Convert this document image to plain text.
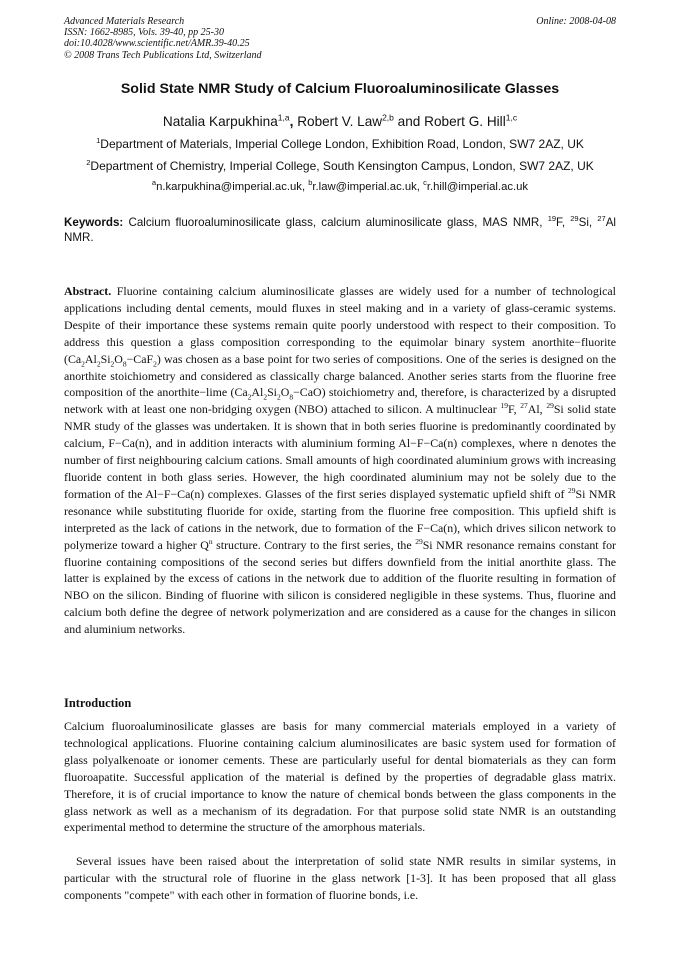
Advanced Materials Research
ISSN: 1662-8985, Vols. 39-40, pp 25-30
doi:10.4028/www.scientific.net/AMR.39-40.25
© 2008 Trans Tech Publications Ltd, Switzerland
Online: 2008-04-08
Solid State NMR Study of Calcium Fluoroaluminosilicate Glasses
Natalia Karpukhina$^{1,a}$, Robert V. Law$^{2,b}$ and Robert G. Hill$^{1,c}$
$^1$Department of Materials, Imperial College London, Exhibition Road, London, SW7 2AZ, UK
$^2$Department of Chemistry, Imperial College, South Kensington Campus, London, SW7 2AZ, UK
$^a$n.karpukhina@imperial.ac.uk, $^b$r.law@imperial.ac.uk, $^c$r.hill@imperial.ac.uk
Keywords: Calcium fluoroaluminosilicate glass, calcium aluminosilicate glass, MAS NMR, $^{19}$F, $^{29}$Si, $^{27}$Al NMR.

Abstract. Fluorine containing calcium aluminosilicate glasses are widely used for a number of technological applications including dental cements, mould fluxes in steel making and in a variety of glass-ceramic systems. Despite of their importance these systems remain quite poorly understood with respect to their composition. To address this question a glass composition corresponding to the equimolar binary system anorthite−fluorite $(Ca_2Al_2Si_2O_8-CaF_2)$ was chosen as a base point for two series of compositions. One of the series is designed on the anorthite stoichiometry and considered as classically charge balanced. Another series starts from the fluorine free composition of the anorthite−lime $(Ca_2Al_2Si_2O_8-CaO)$ stoichiometry and, therefore, is characterized by a disrupted network with at least one non-bridging oxygen (NBO) attached to silicon. A multinuclear $^{19}$F, $^{27}$Al, $^{29}$Si solid state NMR study of the glasses was undertaken. It is shown that in both series fluorine is predominantly coordinated by calcium, F−Ca(n), and in addition interacts with aluminium forming Al−F−Ca(n) complexes, where n denotes the number of first neighbouring calcium cations. Small amounts of high coordinated aluminium grows with increasing fluoride content in both glass series. However, the high coordinated aluminium may not be solely due to the formation of the Al−F−Ca(n) complexes. Glasses of the first series displayed systematic upfield shift of $^{29}$Si NMR resonance while substituting fluoride for oxide, starting from the fluorine free composition. This upfield shift is interpreted as the lack of cations in the network, due to formation of the F−Ca(n), which drives silicon network to polymerize toward a higher $Q^n$ structure. Contrary to the first series, the $^{29}$Si NMR resonance remains constant for fluorine containing compositions of the second series but differs downfield from the initial anorthite glass. The latter is explained by the excess of cations in the network due to addition of the fluorite resulting in formation of NBO on the silicon. Binding of fluorine with silicon is considered negligible in these systems. Thus, fluorine and calcium both define the degree of network polymerization and are considered as a cause for the changes in silicon and aluminium networks.

Introduction

Calcium fluoroaluminosilicate glasses are basis for many commercial materials employed in a variety of technological applications. Fluorine containing calcium aluminosilicates are basic system used for formation of glass polyalkenoate or ionomer cements. These are particularly useful for dental biomaterials as they can form fluoroapatite. Successful application of the material is defined by the properties of degradable glass matrix. Therefore, it is of crucial importance to know the nature of chemical bonds between the glass components in the glass network as well as a mechanism of its degradation. For that purpose solid state NMR is an outstanding experimental method to determine the structure of the amorphous materials.

Several issues have been raised about the interpretation of solid state NMR results in similar systems, in particular with the structural role of fluorine in the glass network [1-3]. It has been proposed that all glass components "compete" with each other in formation of fluorine bonds, i.e.
